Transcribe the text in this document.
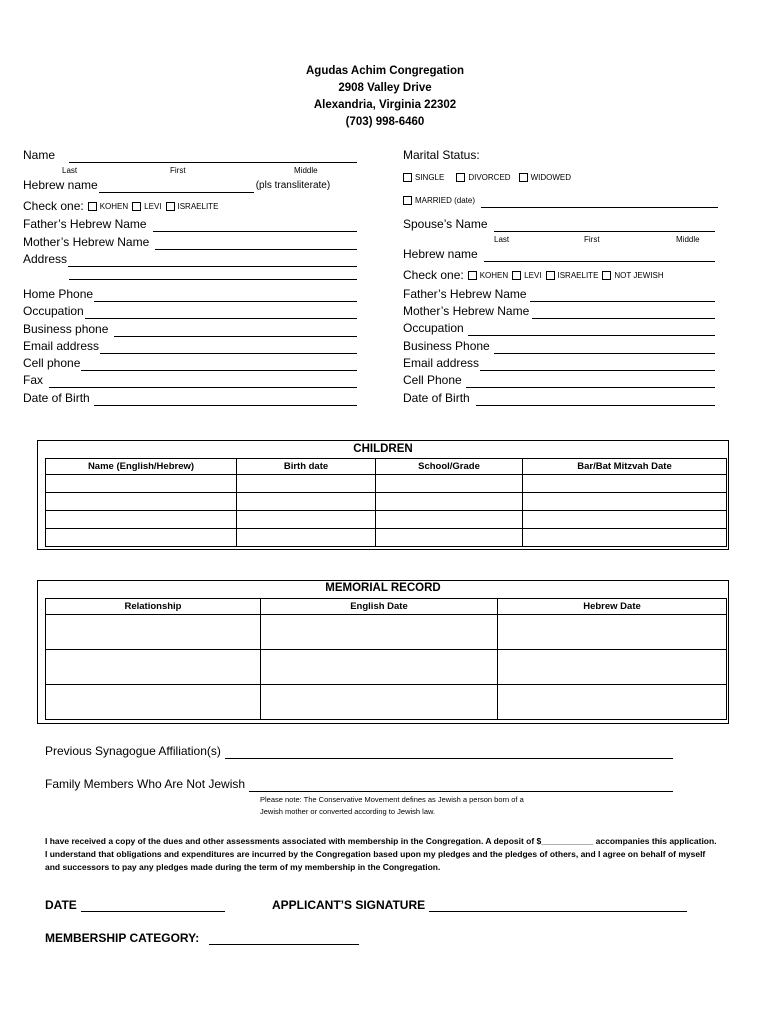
Agudas Achim Congregation
2908 Valley Drive
Alexandria, Virginia 22302
(703) 998-6460
Name
Last	First	Middle
Hebrew name	(pls transliterate)
Check one: KOHEN LEVI ISRAELITE
Father’s Hebrew Name
Mother’s Hebrew Name
Address
Home Phone
Occupation
Business phone
Email address
Cell phone
Fax
Date of Birth
Marital Status:
SINGLE	DIVORCED	WIDOWED
MARRIED (date)
Spouse’s Name
Last	First	Middle
Hebrew name
Check one: KOHEN LEVI ISRAELITE NOT JEWISH
Father’s Hebrew Name
Mother’s Hebrew Name
Occupation
Business Phone
Email address
Cell Phone
Date of Birth
CHILDREN
Name (English/Hebrew)	Birth date	School/Grade	Bar/Bat Mitzvah Date

MEMORIAL RECORD
Relationship	English Date	Hebrew Date

Previous Synagogue Affiliation(s)
Family Members Who Are Not Jewish
Please note: The Conservative Movement defines as Jewish a person born of a
Jewish mother or converted according to Jewish law.
I have received a copy of the dues and other assessments associated with membership in the Congregation. A deposit of $___________ accompanies this application. I understand that obligations and expenditures are incurred by the Congregation based upon my pledges and the pledges of others, and I agree on behalf of myself and successors to pay any pledges made during the term of my membership in the Congregation.
DATE	APPLICANT’S SIGNATURE
MEMBERSHIP CATEGORY:
